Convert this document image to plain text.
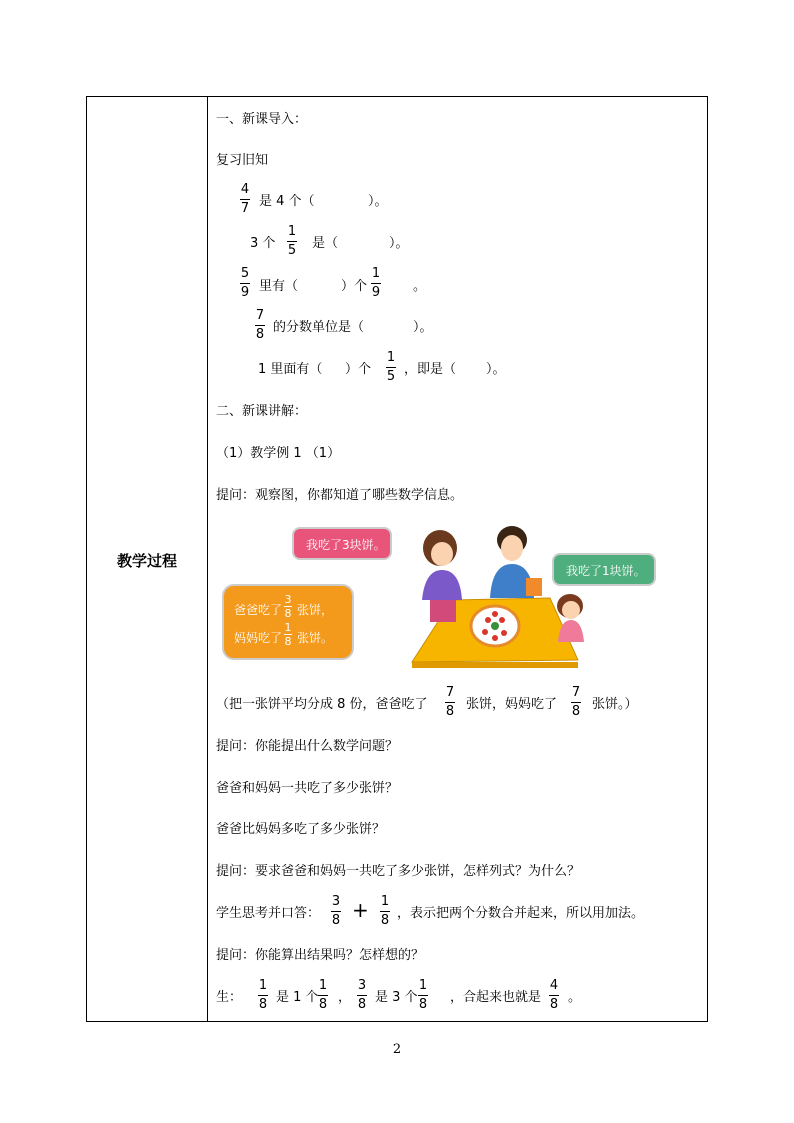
教学过程
一、新课导入：
复习旧知
4
7 是 4 个（	）。
3 个
1
5 是（	）。
5
9 里有（	）个
1
9	。
7
8 的分数单位是（	）。
1 里面有（ ）个
1
5 ，即是（ ）。
二、新课讲解：
（1）教学例 1 （1）
提问：观察图，你都知道了哪些数学信息。
我吃了3块饼。
我吃了1块饼。
爸爸吃了
3
8 张饼，
妈妈吃了
1
8 张饼。
（把一张饼平均分成 8 份，爸爸吃了
7
8 张饼，妈妈吃了
7
8 张饼。）
提问：你能提出什么数学问题？
爸爸和妈妈一共吃了多少张饼？
爸爸比妈妈多吃了多少张饼？
提问：要求爸爸和妈妈一共吃了多少张饼，怎样列式？为什么？
学生思考并口答：
3
8 + 1
8 ，表示把两个分数合并起来，所以用加法。
提问：你能算出结果吗？怎样想的？
生：
1
8 是 1 个
1
8 ，
3
8 是 3 个
1
8 ，合起来也就是
4
8 。
2
